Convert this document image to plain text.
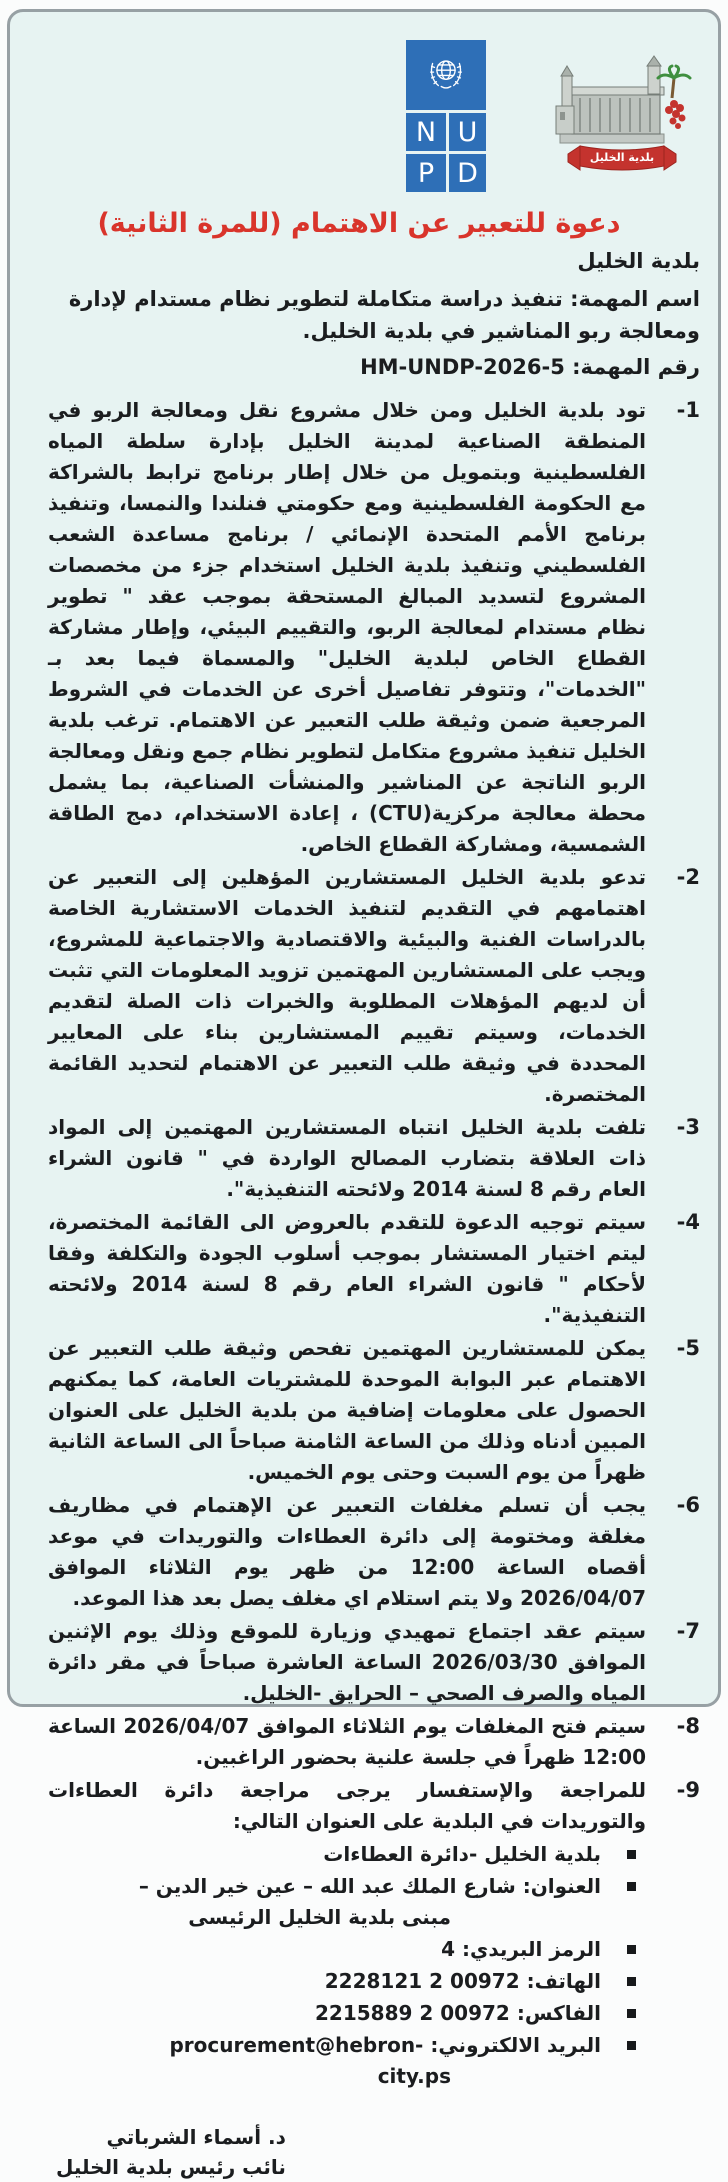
U
N
D
P	بلدية الخليل
دعوة للتعبير عن الاهتمام (للمرة الثانية)
بلدية الخليل
اسم المهمة: تنفيذ دراسة متكاملة لتطوير نظام مستدام لإدارة ومعالجة ربو المناشير في بلدية الخليل.
رقم المهمة: HM-UNDP-2026-5
-1
تود بلدية الخليل ومن خلال مشروع نقل ومعالجة الربو في المنطقة الصناعية لمدينة الخليل بإدارة سلطة المياه الفلسطينية وبتمويل من خلال إطار برنامج ترابط بالشراكة مع الحكومة الفلسطينية ومع حكومتي فنلندا والنمسا، وتنفيذ برنامج الأمم المتحدة الإنمائي / برنامج مساعدة الشعب الفلسطيني وتنفيذ بلدية الخليل استخدام جزء من مخصصات المشروع لتسديد المبالغ المستحقة بموجب عقد " تطوير نظام مستدام لمعالجة الربو، والتقييم البيئي، وإطار مشاركة القطاع الخاص لبلدية الخليل" والمسماة فيما بعد بـ "الخدمات"، وتتوفر تفاصيل أخرى عن الخدمات في الشروط المرجعية ضمن وثيقة طلب التعبير عن الاهتمام. ترغب بلدية الخليل تنفيذ مشروع متكامل لتطوير نظام جمع ونقل ومعالجة الربو الناتجة عن المناشير والمنشأت الصناعية، بما يشمل محطة معالجة مركزية(CTU) ، إعادة الاستخدام، دمج الطاقة الشمسية، ومشاركة القطاع الخاص.
-2
تدعو بلدية الخليل المستشارين المؤهلين إلى التعبير عن اهتمامهم في التقديم لتنفيذ الخدمات الاستشارية الخاصة بالدراسات الفنية والبيئية والاقتصادية والاجتماعية للمشروع، ويجب على المستشارين المهتمين تزويد المعلومات التي تثبت أن لديهم المؤهلات المطلوبة والخبرات ذات الصلة لتقديم الخدمات، وسيتم تقييم المستشارين بناء على المعايير المحددة في وثيقة طلب التعبير عن الاهتمام لتحديد القائمة المختصرة.
-3
تلفت بلدية الخليل انتباه المستشارين المهتمين إلى المواد ذات العلاقة بتضارب المصالح الواردة في " قانون الشراء العام رقم 8 لسنة 2014 ولائحته التنفيذية".
-4
سيتم توجيه الدعوة للتقدم بالعروض الى القائمة المختصرة، ليتم اختيار المستشار بموجب أسلوب الجودة والتكلفة وفقا لأحكام " قانون الشراء العام رقم 8 لسنة 2014 ولائحته التنفيذية".
-5
يمكن للمستشارين المهتمين تفحص وثيقة طلب التعبير عن الاهتمام عبر البوابة الموحدة للمشتريات العامة، كما يمكنهم الحصول على معلومات إضافية من بلدية الخليل على العنوان المبين أدناه وذلك من الساعة الثامنة صباحاً الى الساعة الثانية ظهراً من يوم السبت وحتى يوم الخميس.
-6
يجب أن تسلم مغلفات التعبير عن الإهتمام في مظاريف مغلقة ومختومة إلى دائرة العطاءات والتوريدات في موعد أقصاه الساعة 12:00 من ظهر يوم الثلاثاء الموافق 2026/04/07 ولا يتم استلام اي مغلف يصل بعد هذا الموعد.
-7
سيتم عقد اجتماع تمهيدي وزيارة للموقع وذلك يوم الإثنين الموافق 2026/03/30 الساعة العاشرة صباحاً في مقر دائرة المياه والصرف الصحي – الحرايق -الخليل.
-8
سيتم فتح المغلفات يوم الثلاثاء الموافق 2026/04/07 الساعة 12:00 ظهراً في جلسة علنية بحضور الراغبين.
-9
للمراجعة والإستفسار يرجى مراجعة دائرة العطاءات والتوريدات في البلدية على العنوان التالي:
بلدية الخليل -دائرة العطاءات
العنوان: شارع الملك عبد الله – عين خير الدين – مبنى بلدية الخليل الرئيسى
الرمز البريدي: 4
الهاتف: 00972 2 2228121
الفاكس: 00972 2 2215889
البريد الالكتروني: procurement@hebron-city.ps
د. أسماء الشرباتي
نائب رئيس بلدية الخليل
